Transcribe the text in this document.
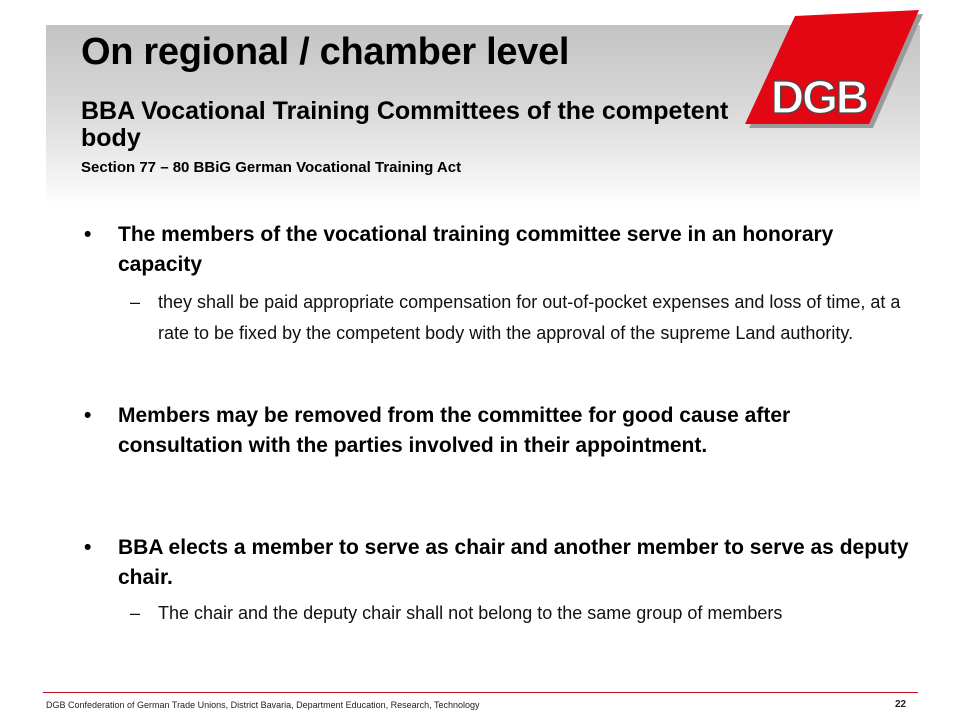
On regional / chamber level
BBA Vocational Training Committees of the competent body
Section 77 – 80 BBiG German Vocational Training Act
DGB
• The members of the vocational training committee serve in an honorary capacity
– they shall be paid appropriate compensation for out-of-pocket expenses and loss of time, at a rate to be fixed by the competent body with the approval of the supreme Land authority.
• Members may be removed from the committee for good cause after consultation with the parties involved in their appointment.
• BBA elects a member to serve as chair and another member to serve as deputy chair.
– The chair and the deputy chair shall not belong to the same group of members
DGB Confederation of German Trade Unions, District Bavaria, Department Education, Research, Technology	22
